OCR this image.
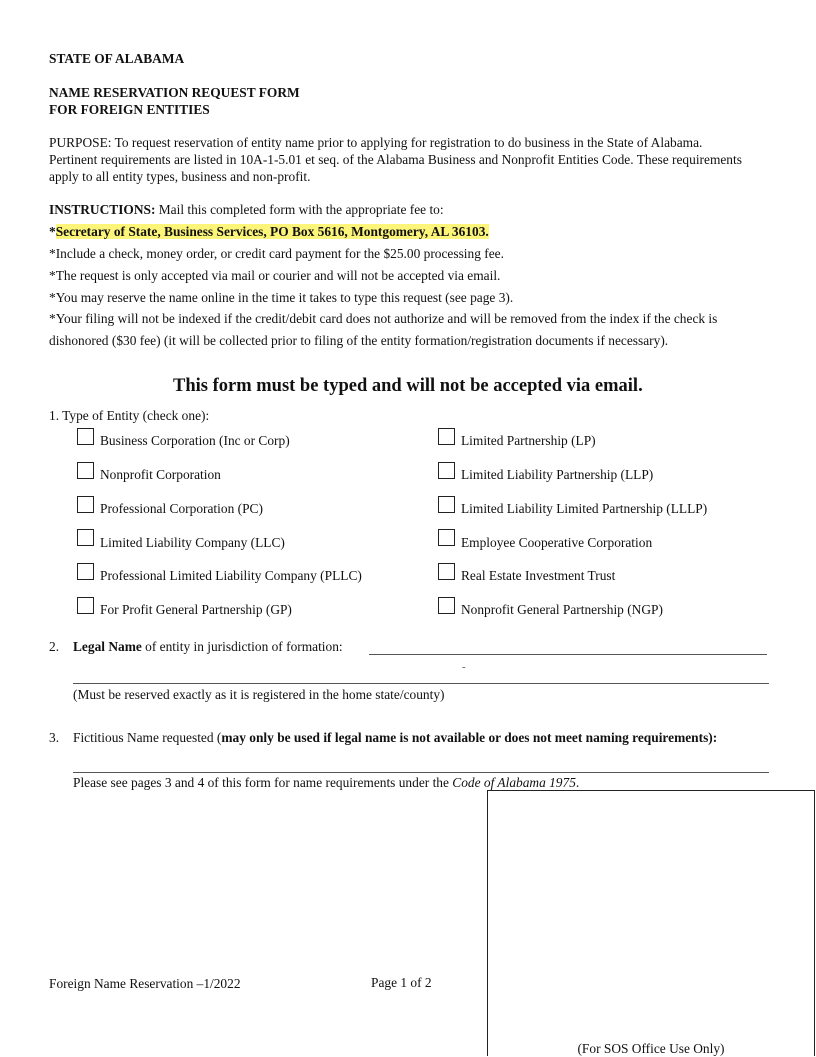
STATE OF ALABAMA
NAME RESERVATION REQUEST FORM
FOR FOREIGN ENTITIES
PURPOSE: To request reservation of entity name prior to applying for registration to do business in the State of Alabama. Pertinent requirements are listed in 10A-1-5.01 et seq. of the Alabama Business and Nonprofit Entities Code. These requirements apply to all entity types, business and non-profit.
INSTRUCTIONS: Mail this completed form with the appropriate fee to:
*Secretary of State, Business Services, PO Box 5616, Montgomery, AL 36103.
*Include a check, money order, or credit card payment for the $25.00 processing fee.
*The request is only accepted via mail or courier and will not be accepted via email.
*You may reserve the name online in the time it takes to type this request (see page 3).
*Your filing will not be indexed if the credit/debit card does not authorize and will be removed from the index if the check is dishonored ($30 fee) (it will be collected prior to filing of the entity formation/registration documents if necessary).
This form must be typed and will not be accepted via email.
1. Type of Entity (check one):
Business Corporation (Inc or Corp)
Nonprofit Corporation
Professional Corporation (PC)
Limited Liability Company (LLC)
Professional Limited Liability Company (PLLC)
For Profit General Partnership (GP)
Limited Partnership (LP)
Limited Liability Partnership (LLP)
Limited Liability Limited Partnership (LLLP)
Employee Cooperative Corporation
Real Estate Investment Trust
Nonprofit General Partnership (NGP)
2. Legal Name of entity in jurisdiction of formation:
-
(Must be reserved exactly as it is registered in the home state/county)
3. Fictitious Name requested (may only be used if legal name is not available or does not meet naming requirements):
Please see pages 3 and 4 of this form for name requirements under the Code of Alabama 1975.
(For SOS Office Use Only)
Foreign Name Reservation –1/2022	Page 1 of 2
